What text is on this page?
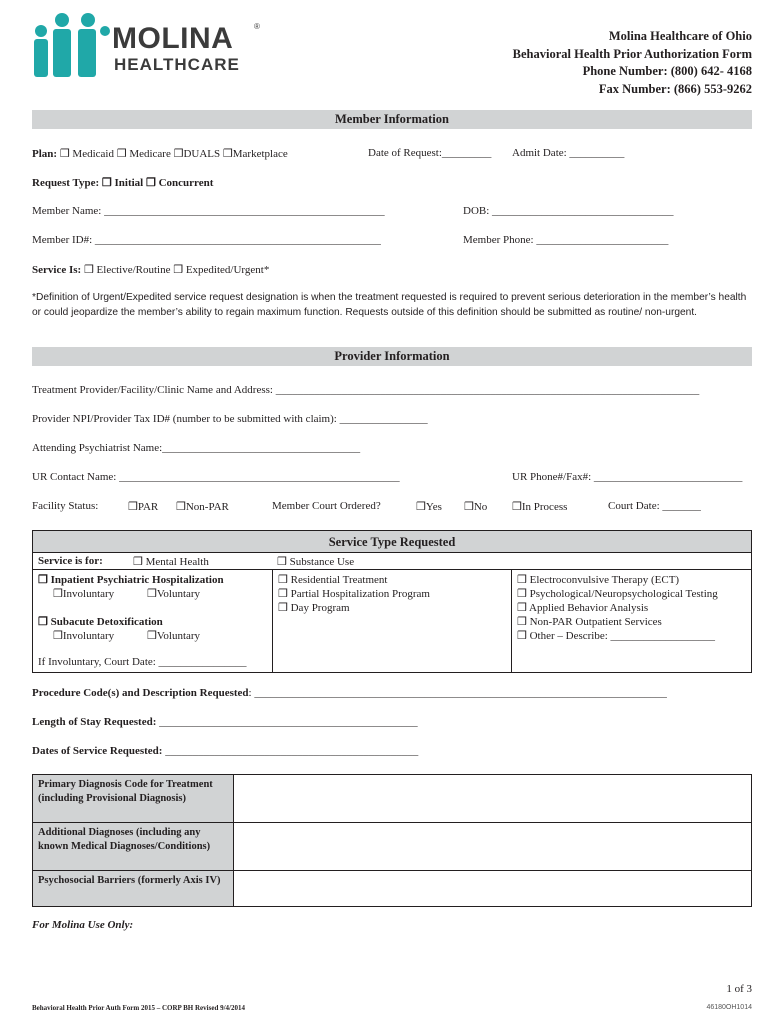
MOLINA	®
HEALTHCARE
Molina Healthcare of Ohio
Behavioral Health Prior Authorization Form
Phone Number: (800) 642- 4168
Fax Number: (866) 553-9262
Member Information
Plan: ❒ Medicaid ❒ Medicare ❒DUALS ❒Marketplace	Date of Request:_________ Admit Date: __________
Request Type: ❒ Initial ❒ Concurrent
Member Name: ___________________________________________________	DOB: _________________________________
Member ID#: ____________________________________________________	Member Phone: ________________________
Service Is: ❒ Elective/Routine ❒ Expedited/Urgent*
*Definition of Urgent/Expedited service request designation is when the treatment requested is required to prevent serious deterioration in the member’s health or could jeopardize the member’s ability to regain maximum function. Requests outside of this definition should be submitted as routine/ non-urgent.
Provider Information
Treatment Provider/Facility/Clinic Name and Address: _____________________________________________________________________________
Provider NPI/Provider Tax ID# (number to be submitted with claim): ________________
Attending Psychiatrist Name:____________________________________
UR Contact Name: ___________________________________________________	UR Phone#/Fax#: ___________________________
Facility Status:	❒PAR ❒Non-PAR	Member Court Ordered?	❒Yes ❒No ❒In Process	Court Date: _______
Service Type Requested
Service is for:	❒ Mental Health	❒ Substance Use
❒ Inpatient Psychiatric Hospitalization
❒Involuntary	❒Voluntary
❒ Subacute Detoxification
❒Involuntary	❒Voluntary
If Involuntary, Court Date: ________________
❒ Residential Treatment
❒ Partial Hospitalization Program
❒ Day Program
❒ Electroconvulsive Therapy (ECT)
❒ Psychological/Neuropsychological Testing
❒ Applied Behavior Analysis
❒ Non-PAR Outpatient Services
❒ Other – Describe: ___________________
Procedure Code(s) and Description Requested: ___________________________________________________________________________
Length of Stay Requested: _______________________________________________
Dates of Service Requested: ______________________________________________
Primary Diagnosis Code for Treatment (including Provisional Diagnosis)
Additional Diagnoses (including any known Medical Diagnoses/Conditions)
Psychosocial Barriers (formerly Axis IV)
For Molina Use Only:
1 of 3
Behavioral Health Prior Auth Form 2015 – CORP BH Revised 9/4/2014	46180OH1014
